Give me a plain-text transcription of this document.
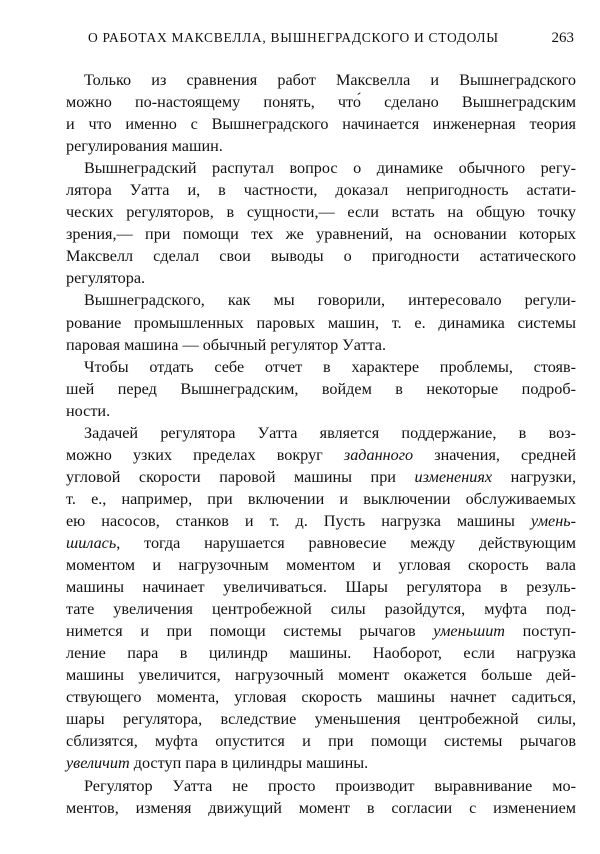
О РАБОТАХ МАКСВЕЛЛА, ВЫШНЕГРАДСКОГО И СТОДОЛЫ	263

Только из сравнения работ Максвелла и Вышнеградского
можно по-настоящему понять, что́ сделано Вышнеградским
и что именно с Вышнеградского начинается инженерная теория
регулирования машин.

Вышнеградский распутал вопрос о динамике обычного регу-
лятора Уатта и, в частности, доказал непригодность астати-
ческих регуляторов, в сущности,— если встать на общую точку
зрения,— при помощи тех же уравнений, на основании которых
Максвелл сделал свои выводы о пригодности астатического
регулятора.

Вышнеградского, как мы говорили, интересовало регули-
рование промышленных паровых машин, т. е. динамика системы
паровая машина — обычный регулятор Уатта.

Чтобы отдать себе отчет в характере проблемы, стояв-
шей перед Вышнеградским, войдем в некоторые подроб-
ности.

Задачей регулятора Уатта является поддержание, в воз-
можно узких пределах вокруг заданного значения, средней
угловой скорости паровой машины при изменениях нагрузки,
т. е., например, при включении и выключении обслуживаемых
ею насосов, станков и т. д. Пусть нагрузка машины умень-
шилась, тогда нарушается равновесие между действующим
моментом и нагрузочным моментом и угловая скорость вала
машины начинает увеличиваться. Шары регулятора в резуль-
тате увеличения центробежной силы разойдутся, муфта под-
нимется и при помощи системы рычагов уменьшит поступ-
ление пара в цилиндр машины. Наоборот, если нагрузка
машины увеличится, нагрузочный момент окажется больше дей-
ствующего момента, угловая скорость машины начнет садиться,
шары регулятора, вследствие уменьшения центробежной силы,
сблизятся, муфта опустится и при помощи системы рычагов
увеличит доступ пара в цилиндры машины.

Регулятор Уатта не просто производит выравнивание мо-
ментов, изменяя движущий момент в согласии с изменением
